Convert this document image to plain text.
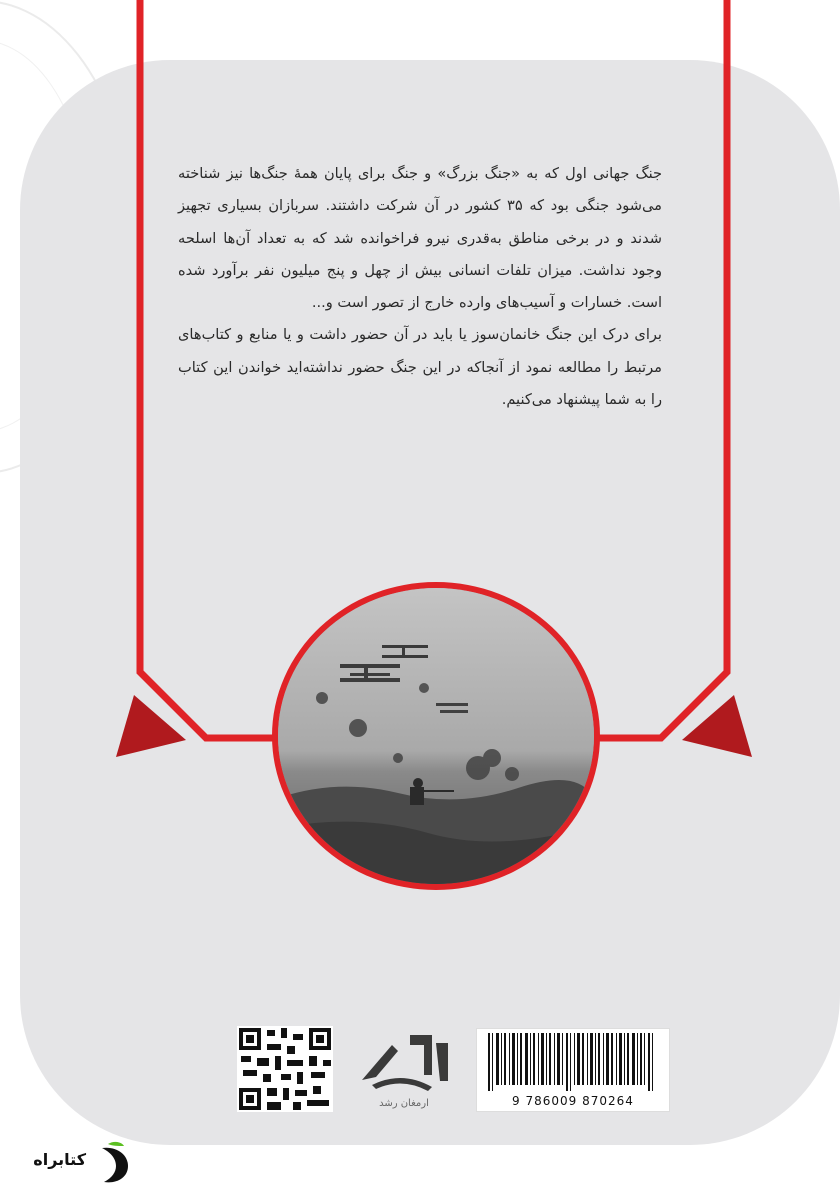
جنگ جهانی اول که به «جنگ بزرگ» و جنگ برای پایان همهٔ جنگ‌ها نیز شناخته می‌شود جنگی بود که ۳۵ کشور در آن شرکت داشتند. سربازان بسیاری تجهیز شدند و در برخی مناطق به‌قدری نیرو فراخوانده شد که به تعداد آن‌ها اسلحه وجود نداشت. میزان تلفات انسانی بیش از چهل و پنج میلیون نفر برآورد شده است. خسارات و آسیب‌های وارده خارج از تصور است و...

برای درک این جنگ خانمان‌سوز یا باید در آن حضور داشت و یا منابع و کتاب‌های مرتبط را مطالعه نمود از آنجاکه در این جنگ حضور نداشته‌اید خواندن این کتاب را به شما پیشنهاد می‌کنیم.

ارمغان رشد	9 786009 870264
کتابراه
